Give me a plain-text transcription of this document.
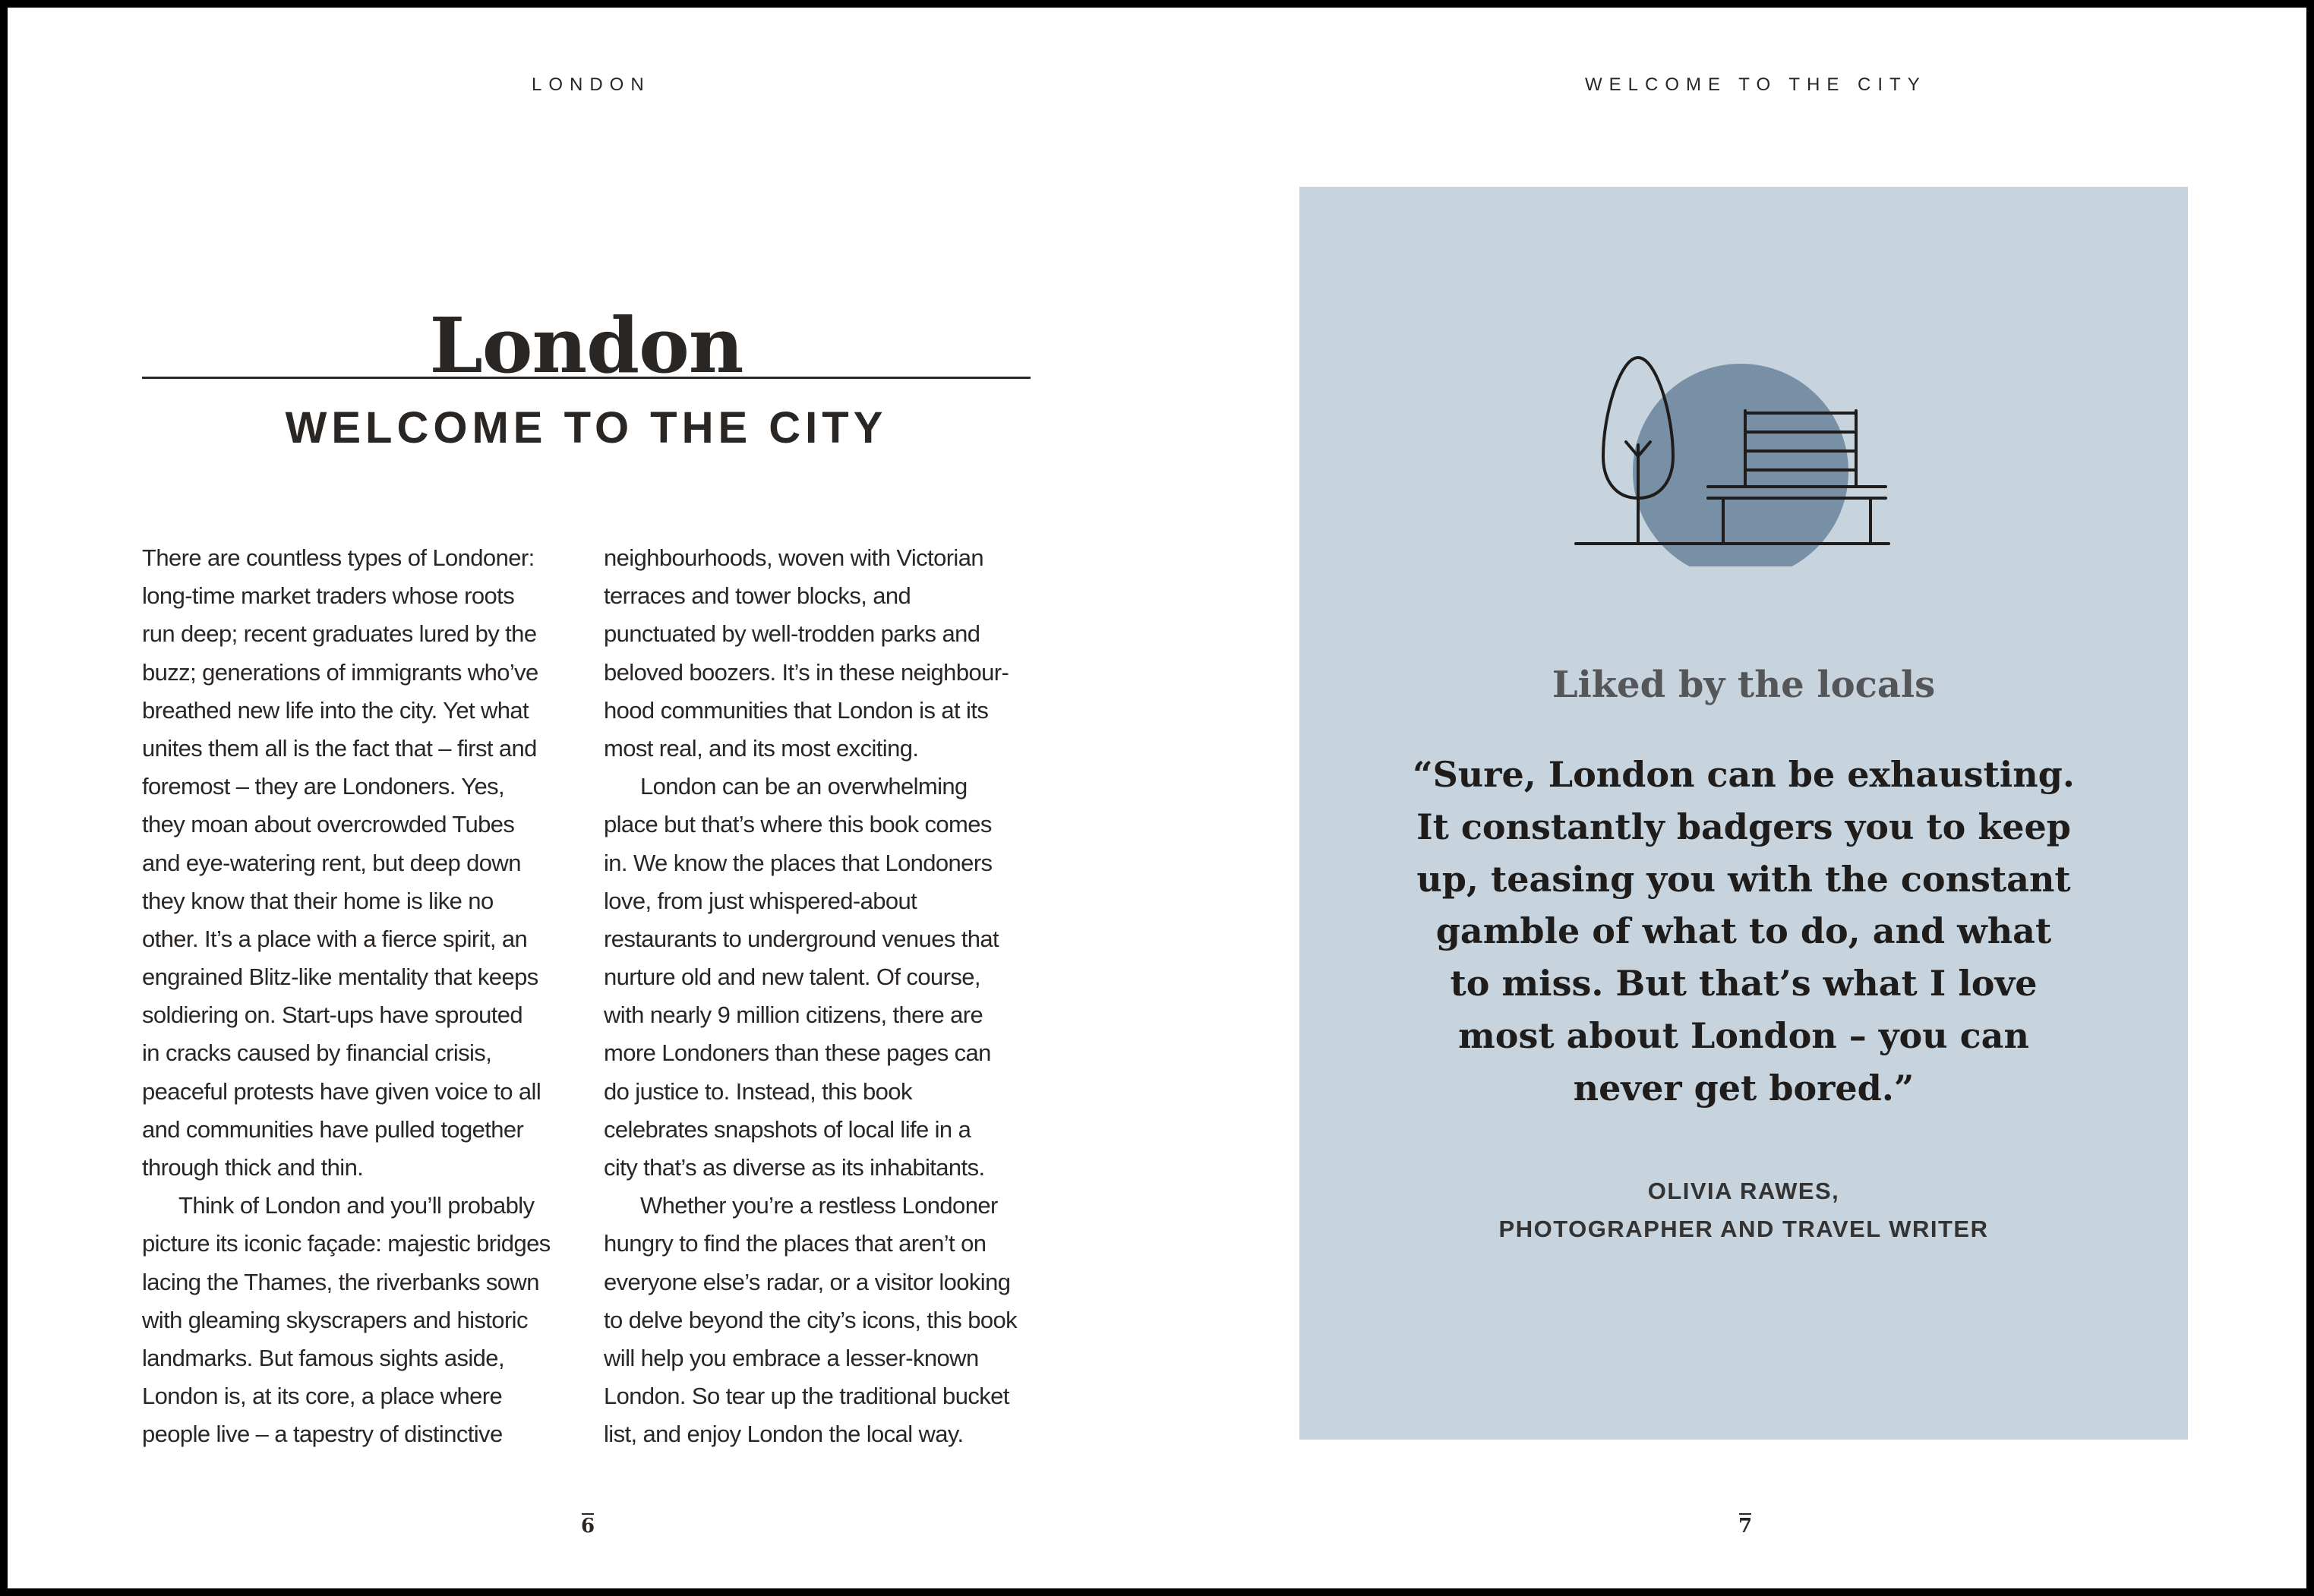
LONDON	WELCOME TO THE CITY
London
WELCOME TO THE CITY
There are countless types of Londoner:
long-time market traders whose roots
run deep; recent graduates lured by the
buzz; generations of immigrants who’ve
breathed new life into the city. Yet what
unites them all is the fact that – first and
foremost – they are Londoners. Yes,
they moan about overcrowded Tubes
and eye-watering rent, but deep down
they know that their home is like no
other. It’s a place with a fierce spirit, an
engrained Blitz-like mentality that keeps
soldiering on. Start-ups have sprouted
in cracks caused by financial crisis,
peaceful protests have given voice to all
and communities have pulled together
through thick and thin.
Think of London and you’ll probably
picture its iconic façade: majestic bridges
lacing the Thames, the riverbanks sown
with gleaming skyscrapers and historic
landmarks. But famous sights aside,
London is, at its core, a place where
people live – a tapestry of distinctive
neighbourhoods, woven with Victorian
terraces and tower blocks, and
punctuated by well-trodden parks and
beloved boozers. It’s in these neighbour-
hood communities that London is at its
most real, and its most exciting.
London can be an overwhelming
place but that’s where this book comes
in. We know the places that Londoners
love, from just whispered-about
restaurants to underground venues that
nurture old and new talent. Of course,
with nearly 9 million citizens, there are
more Londoners than these pages can
do justice to. Instead, this book
celebrates snapshots of local life in a
city that’s as diverse as its inhabitants.
Whether you’re a restless Londoner
hungry to find the places that aren’t on
everyone else’s radar, or a visitor looking
to delve beyond the city’s icons, this book
will help you embrace a lesser-known
London. So tear up the traditional bucket
list, and enjoy London the local way.
6	7
Liked by the locals
“Sure, London can be exhausting.
It constantly badgers you to keep
up, teasing you with the constant
gamble of what to do, and what
to miss. But that’s what I love
most about London – you can
never get bored.”
OLIVIA RAWES,
PHOTOGRAPHER AND TRAVEL WRITER
